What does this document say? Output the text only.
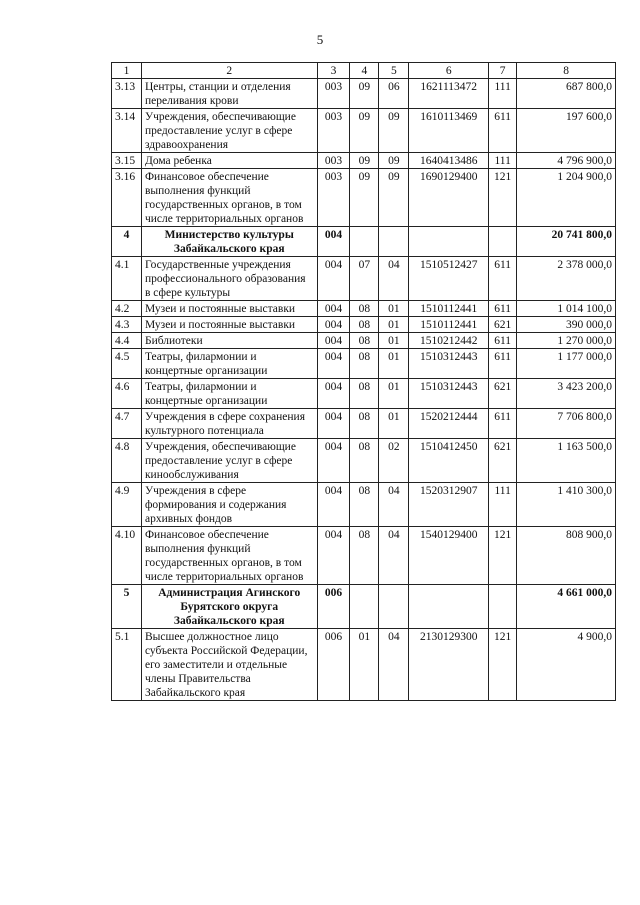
5
1	2	3	4	5	6	7	8
3.13	Центры, станции и отделения переливания крови	003	09	06	1621113472	111	687 800,0
3.14	Учреждения, обеспечивающие предоставление услуг в сфере здравоохранения	003	09	09	1610113469	611	197 600,0
3.15	Дома ребенка	003	09	09	1640413486	111	4 796 900,0
3.16	Финансовое обеспечение выполнения функций государственных органов, в том числе территориальных органов	003	09	09	1690129400	121	1 204 900,0
4	Министерство культуры Забайкальского края	004					20 741 800,0
4.1	Государственные учреждения профессионального образования в сфере культуры	004	07	04	1510512427	611	2 378 000,0
4.2	Музеи и постоянные выставки	004	08	01	1510112441	611	1 014 100,0
4.3	Музеи и постоянные выставки	004	08	01	1510112441	621	390 000,0
4.4	Библиотеки	004	08	01	1510212442	611	1 270 000,0
4.5	Театры, филармонии и концертные организации	004	08	01	1510312443	611	1 177 000,0
4.6	Театры, филармонии и концертные организации	004	08	01	1510312443	621	3 423 200,0
4.7	Учреждения в сфере сохранения культурного потенциала	004	08	01	1520212444	611	7 706 800,0
4.8	Учреждения, обеспечивающие предоставление услуг в сфере кинообслуживания	004	08	02	1510412450	621	1 163 500,0
4.9	Учреждения в сфере формирования и содержания архивных фондов	004	08	04	1520312907	111	1 410 300,0
4.10	Финансовое обеспечение выполнения функций государственных органов, в том числе территориальных органов	004	08	04	1540129400	121	808 900,0
5	Администрация Агинского Бурятского округа Забайкальского края	006					4 661 000,0
5.1	Высшее должностное лицо субъекта Российской Федерации, его заместители и отдельные члены Правительства Забайкальского края	006	01	04	2130129300	121	4 900,0
